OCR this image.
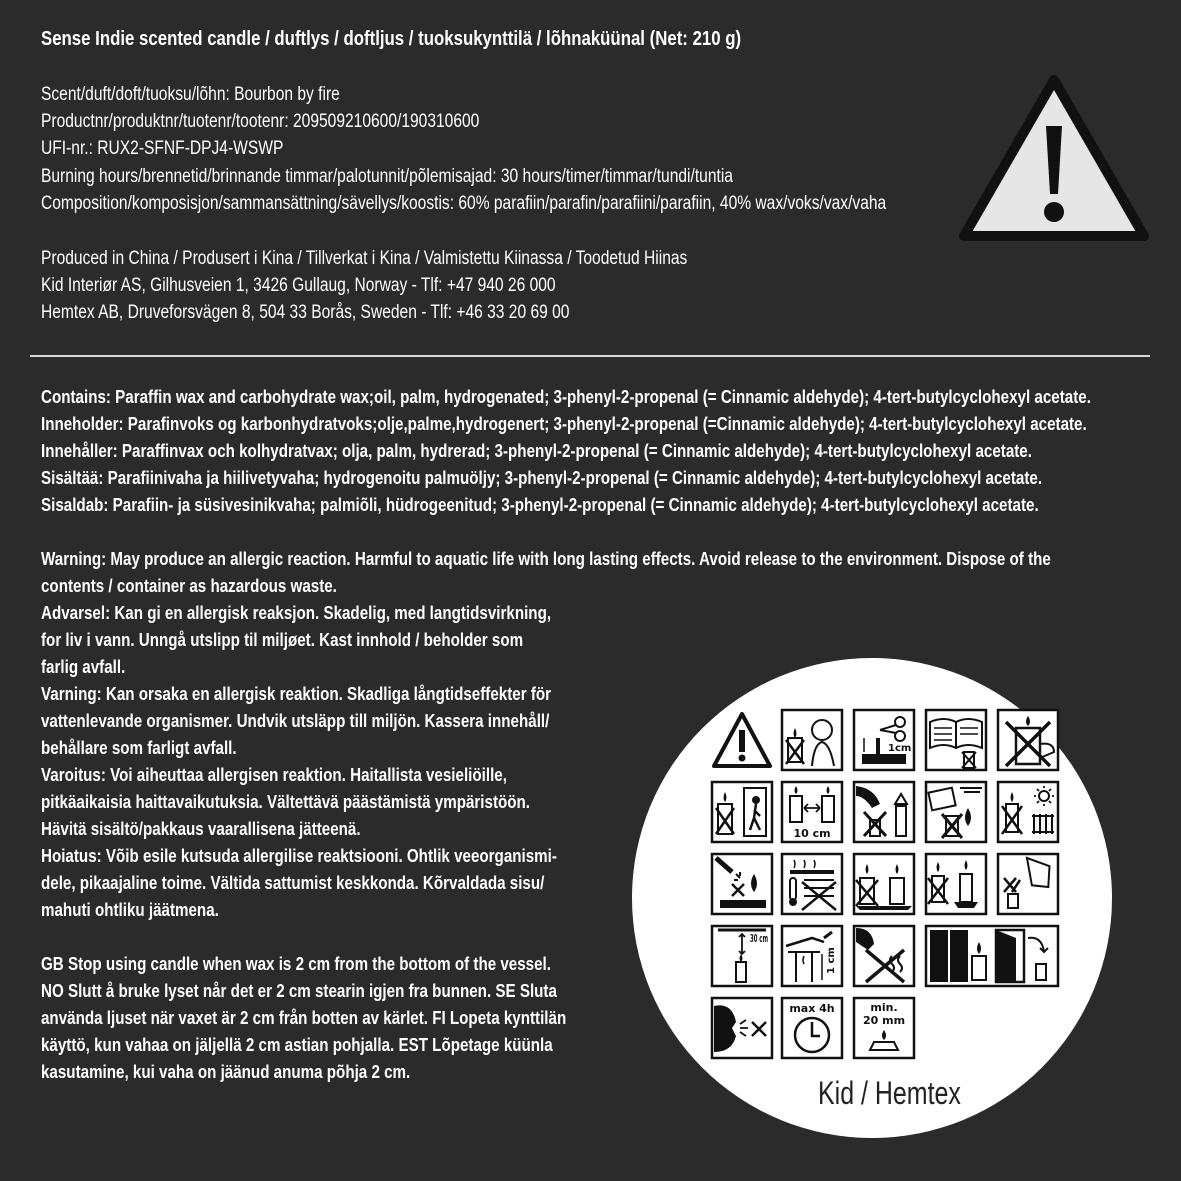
Sense Indie scented candle / duftlys / doftljus / tuoksukynttilä / lõhnaküünal (Net: 210 g)
Scent/duft/doft/tuoksu/lõhn: Bourbon by fire
Productnr/produktnr/tuotenr/tootenr: 209509210600/190310600
UFI-nr.: RUX2-SFNF-DPJ4-WSWP
Burning hours/brennetid/brinnande timmar/palotunnit/põlemisajad: 30 hours/timer/timmar/tundi/tuntia
Composition/komposisjon/sammansättning/sävellys/koostis: 60% parafiin/parafin/parafiini/parafiin, 40% wax/voks/vax/vaha
Produced in China / Produsert i Kina / Tillverkat i Kina / Valmistettu Kiinassa / Toodetud Hiinas
Kid Interiør AS, Gilhusveien 1, 3426 Gullaug, Norway - Tlf: +47 940 26 000
Hemtex AB, Druveforsvägen 8, 504 33 Borås, Sweden - Tlf: +46 33 20 69 00
Contains: Paraffin wax and carbohydrate wax;oil, palm, hydrogenated; 3-phenyl-2-propenal (= Cinnamic aldehyde); 4-tert-butylcyclohexyl acetate.
Inneholder: Parafinvoks og karbonhydratvoks;olje,palme,hydrogenert; 3-phenyl-2-propenal (=Cinnamic aldehyde); 4-tert-butylcyclohexyl acetate.
Innehåller: Paraffinvax och kolhydratvax; olja, palm, hydrerad; 3-phenyl-2-propenal (= Cinnamic aldehyde); 4-tert-butylcyclohexyl acetate.
Sisältää: Parafiinivaha ja hiilivetyvaha; hydrogenoitu palmuöljy; 3-phenyl-2-propenal (= Cinnamic aldehyde); 4-tert-butylcyclohexyl acetate.
Sisaldab: Parafiin- ja süsivesinikvaha; palmiõli, hüdrogeenitud; 3-phenyl-2-propenal (= Cinnamic aldehyde); 4-tert-butylcyclohexyl acetate.
Warning: May produce an allergic reaction. Harmful to aquatic life with long lasting effects. Avoid release to the environment. Dispose of the
contents / container as hazardous waste.
Advarsel: Kan gi en allergisk reaksjon. Skadelig, med langtidsvirkning,
for liv i vann. Unngå utslipp til miljøet. Kast innhold / beholder som
farlig avfall.
Varning: Kan orsaka en allergisk reaktion. Skadliga långtidseffekter för
vattenlevande organismer. Undvik utsläpp till miljön. Kassera innehåll/
behållare som farligt avfall.
Varoitus: Voi aiheuttaa allergisen reaktion. Haitallista vesieliöille,
pitkäaikaisia haittavaikutuksia. Vältettävä päästämistä ympäristöön.
Hävitä sisältö/pakkaus vaarallisena jätteenä.
Hoiatus: Võib esile kutsuda allergilise reaktsiooni. Ohtlik veeorganismi-
dele, pikaajaline toime. Vältida sattumist keskkonda. Kõrvaldada sisu/
mahuti ohtliku jäätmena.
GB Stop using candle when wax is 2 cm from the bottom of the vessel.
NO Slutt å bruke lyset når det er 2 cm stearin igjen fra bunnen. SE Sluta
använda ljuset när vaxet är 2 cm från botten av kärlet. FI Lopeta kynttilän
käyttö, kun vahaa on jäljellä 2 cm astian pohjalla. EST Lõpetage küünla
kasutamine, kui vaha on jäänud anuma põhja 2 cm.
1cm
10 cm
30 cm
1 cm
max 4h	min.
20 mm
Kid / Hemtex
